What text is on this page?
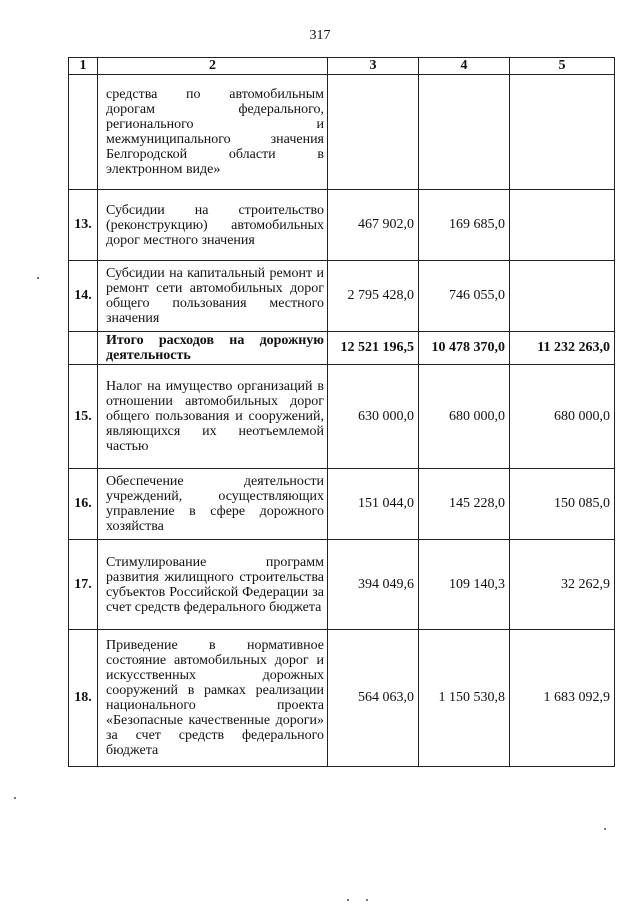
317
1	2	3	4	5
	средства по автомобильным дорогам федерального, регионального и межмуниципального значения Белгородской области в электронном виде»			
13.	Субсидии на строительство (реконструкцию) автомобильных дорог местного значения	467 902,0	169 685,0	
14.	Субсидии на капитальный ремонт и ремонт сети автомобильных дорог общего пользования местного значения	2 795 428,0	746 055,0	
	Итого расходов на дорожную деятельность	12 521 196,5	10 478 370,0	11 232 263,0
15.	Налог на имущество организаций в отношении автомобильных дорог общего пользования и сооружений, являющихся их неотъемлемой частью	630 000,0	680 000,0	680 000,0
16.	Обеспечение деятельности учреждений, осуществляющих управление в сфере дорожного хозяйства	151 044,0	145 228,0	150 085,0
17.	Стимулирование программ развития жилищного строительства субъектов Российской Федерации за счет средств федерального бюджета	394 049,6	109 140,3	32 262,9
18.	Приведение в нормативное состояние автомобильных дорог и искусственных дорожных сооружений в рамках реализации национального проекта «Безопасные качественные дороги» за счет средств федерального бюджета	564 063,0	1 150 530,8	1 683 092,9
